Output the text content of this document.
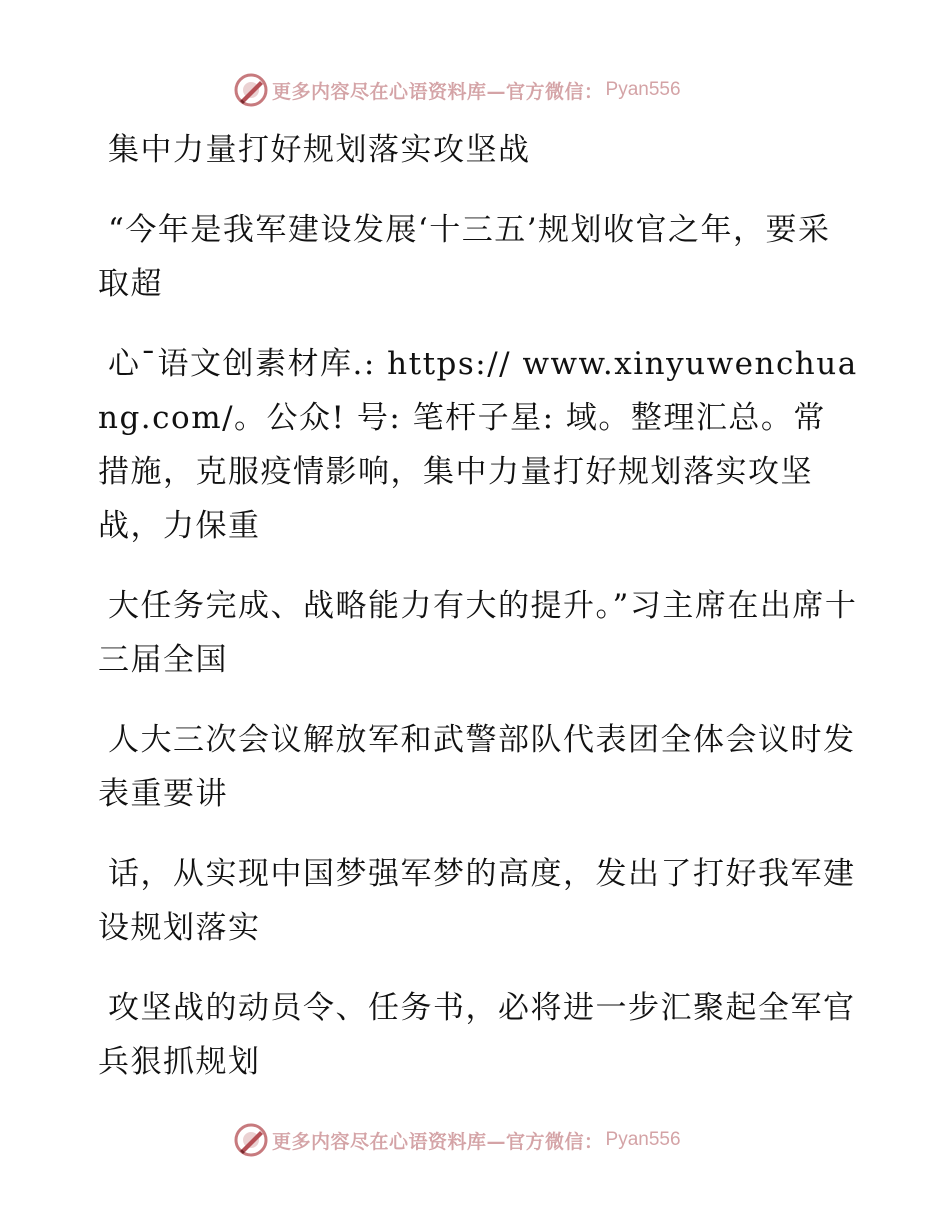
更多内容尽在心语资料库—官方微信： Pyan556

集中力量打好规划落实攻坚战

“今年是我军建设发展‘十三五’规划收官之年，要采取超

心¯语文创素材库.: https:// www.xinyuwenchuang.com/。公众! 号: 笔杆子星: 域。整理汇总。常措施，克服疫情影响，集中力量打好规划落实攻坚战，力保重

大任务完成、战略能力有大的提升。”习主席在出席十三届全国

人大三次会议解放军和武警部队代表团全体会议时发表重要讲

话，从实现中国梦强军梦的高度，发出了打好我军建设规划落实

攻坚战的动员令、任务书，必将进一步汇聚起全军官兵狠抓规划

更多内容尽在心语资料库—官方微信： Pyan556
